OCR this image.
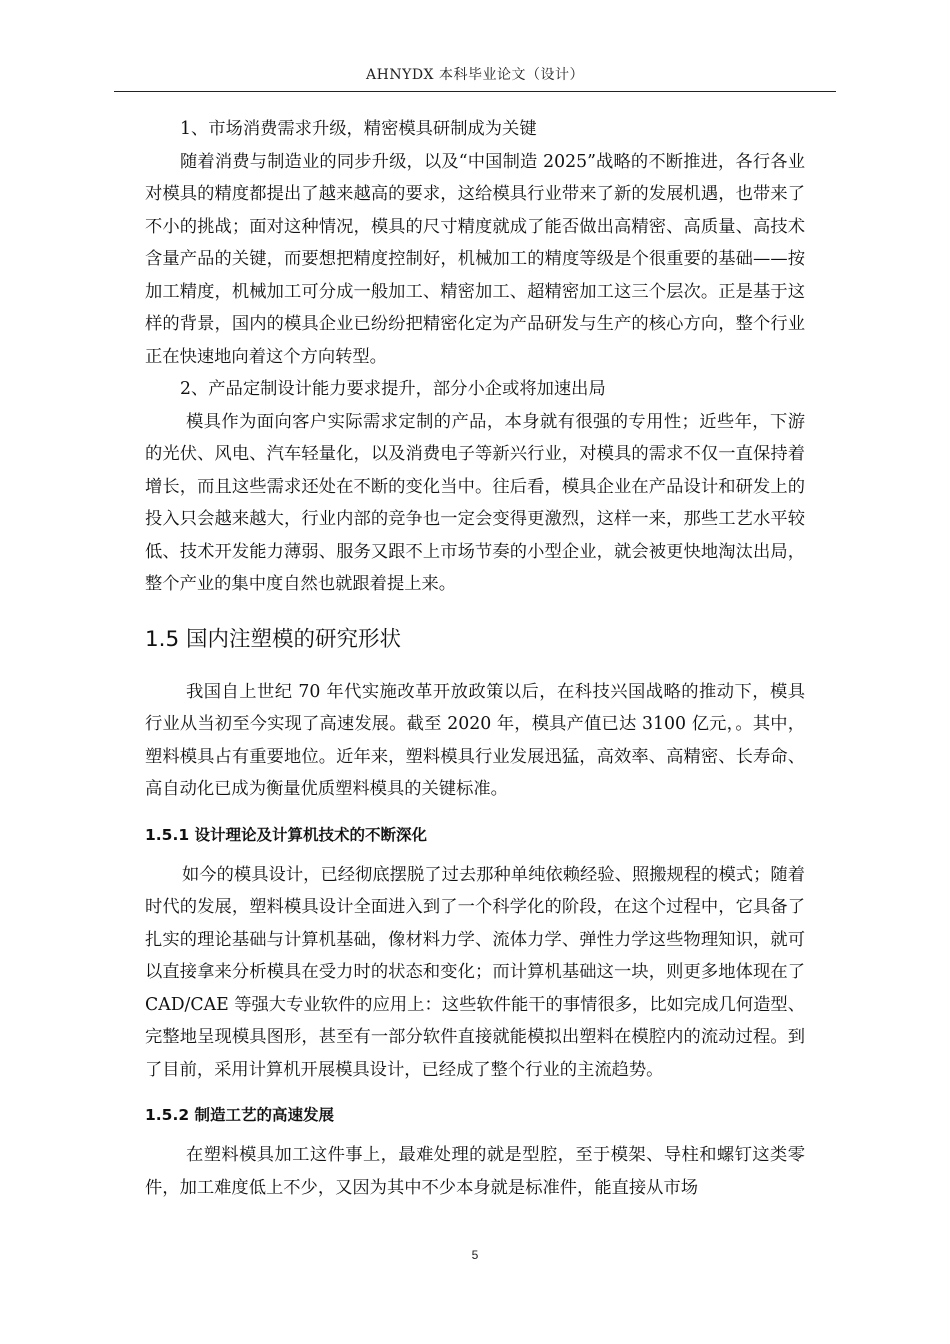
AHNYDX 本科毕业论文（设计）

1、市场消费需求升级，精密模具研制成为关键

随着消费与制造业的同步升级，以及“中国制造 2025”战略的不断推进，各行各业对模具的精度都提出了越来越高的要求，这给模具行业带来了新的发展机遇，也带来了不小的挑战；面对这种情况，模具的尺寸精度就成了能否做出高精密、高质量、高技术含量产品的关键，而要想把精度控制好，机械加工的精度等级是个很重要的基础——按加工精度，机械加工可分成一般加工、精密加工、超精密加工这三个层次。正是基于这样的背景，国内的模具企业已纷纷把精密化定为产品研发与生产的核心方向，整个行业正在快速地向着这个方向转型。

2、产品定制设计能力要求提升，部分小企或将加速出局

模具作为面向客户实际需求定制的产品，本身就有很强的专用性；近些年，下游的光伏、风电、汽车轻量化，以及消费电子等新兴行业，对模具的需求不仅一直保持着增长，而且这些需求还处在不断的变化当中。往后看，模具企业在产品设计和研发上的投入只会越来越大，行业内部的竞争也一定会变得更激烈，这样一来，那些工艺水平较低、技术开发能力薄弱、服务又跟不上市场节奏的小型企业，就会被更快地淘汰出局，整个产业的集中度自然也就跟着提上来。

1.5 国内注塑模的研究形状

我国自上世纪 70 年代实施改革开放政策以后，在科技兴国战略的推动下，模具行业从当初至今实现了高速发展。截至 2020 年，模具产值已达 3100 亿元，。其中，塑料模具占有重要地位。近年来，塑料模具行业发展迅猛，高效率、高精密、长寿命、高自动化已成为衡量优质塑料模具的关键标准。

1.5.1 设计理论及计算机技术的不断深化

如今的模具设计，已经彻底摆脱了过去那种单纯依赖经验、照搬规程的模式；随着时代的发展，塑料模具设计全面进入到了一个科学化的阶段，在这个过程中，它具备了扎实的理论基础与计算机基础，像材料力学、流体力学、弹性力学这些物理知识，就可以直接拿来分析模具在受力时的状态和变化；而计算机基础这一块，则更多地体现在了 CAD/CAE 等强大专业软件的应用上：这些软件能干的事情很多，比如完成几何造型、完整地呈现模具图形，甚至有一部分软件直接就能模拟出塑料在模腔内的流动过程。到了目前，采用计算机开展模具设计，已经成了整个行业的主流趋势。

1.5.2 制造工艺的高速发展

在塑料模具加工这件事上，最难处理的就是型腔，至于模架、导柱和螺钉这类零件，加工难度低上不少，又因为其中不少本身就是标准件，能直接从市场

5
